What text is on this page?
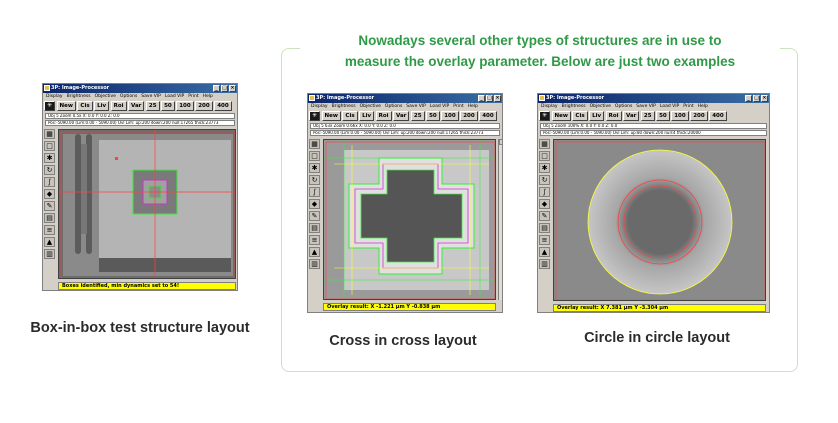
Nowadays several other types of structures are in use to
measure the overlay parameter. Below are just two examples
3P: Image-Processor	_ □ ×
Display Brightness Objective Options Save VIP Load VIP Print Help
✳	New	Cis	Liv	Roi	Var	25	50	100	200	400
Obj 5 Zoom 0.5x X: 0.0 Y: 0.0 Z: 0.0
Pos:-5090.00 (Lim:0.00 - 5090.00) Ovl Lim: up:200 down:200 null:17265 thick:23773
▦
□
✱
↻
∫
◆
✎
▤
≡
▲
▥
Boxes identified, min dynamics set to 54!
Box-in-box test structure layout
3P: Image-Processor	_ □ ×
Display Brightness Objective Options Save VIP Load VIP Print Help
✳	New	Cis	Liv	Roi	Var	25	50	100	200	400
Obj 5 63x Zoom 0.66x X: 0.0 Y: 0.0 Z: 0.0
Pos:-5090.00 (Lim:0.00 - 5090.00) Ovl Lim: up:200 down:200 null:17265 thick:23773
▦
□
✱
↻
∫
◆
✎
▤
≡
▲
▥
Overlay result: X -1.221 µm Y -0.838 µm
Cross in cross layout
3P: Image-Processor	_ □ ×
Display Brightness Objective Options Save VIP Load VIP Print Help
✳	New	Cis	Liv	Roi	Var	25	50	100	200	400
Obj 5 Zoom 100% X: 0.0 Y: 0.0 Z: 0.0
Pos:-5090.00 (Lim:0.00 - 5090.00) Ovl Lim: up:80 down:200 null:4 thick:20000
▦
□
✱
↻
∫
◆
✎
▤
≡
▲
▥
Overlay result: X 7.381 µm Y -3.304 µm
Circle in circle layout
